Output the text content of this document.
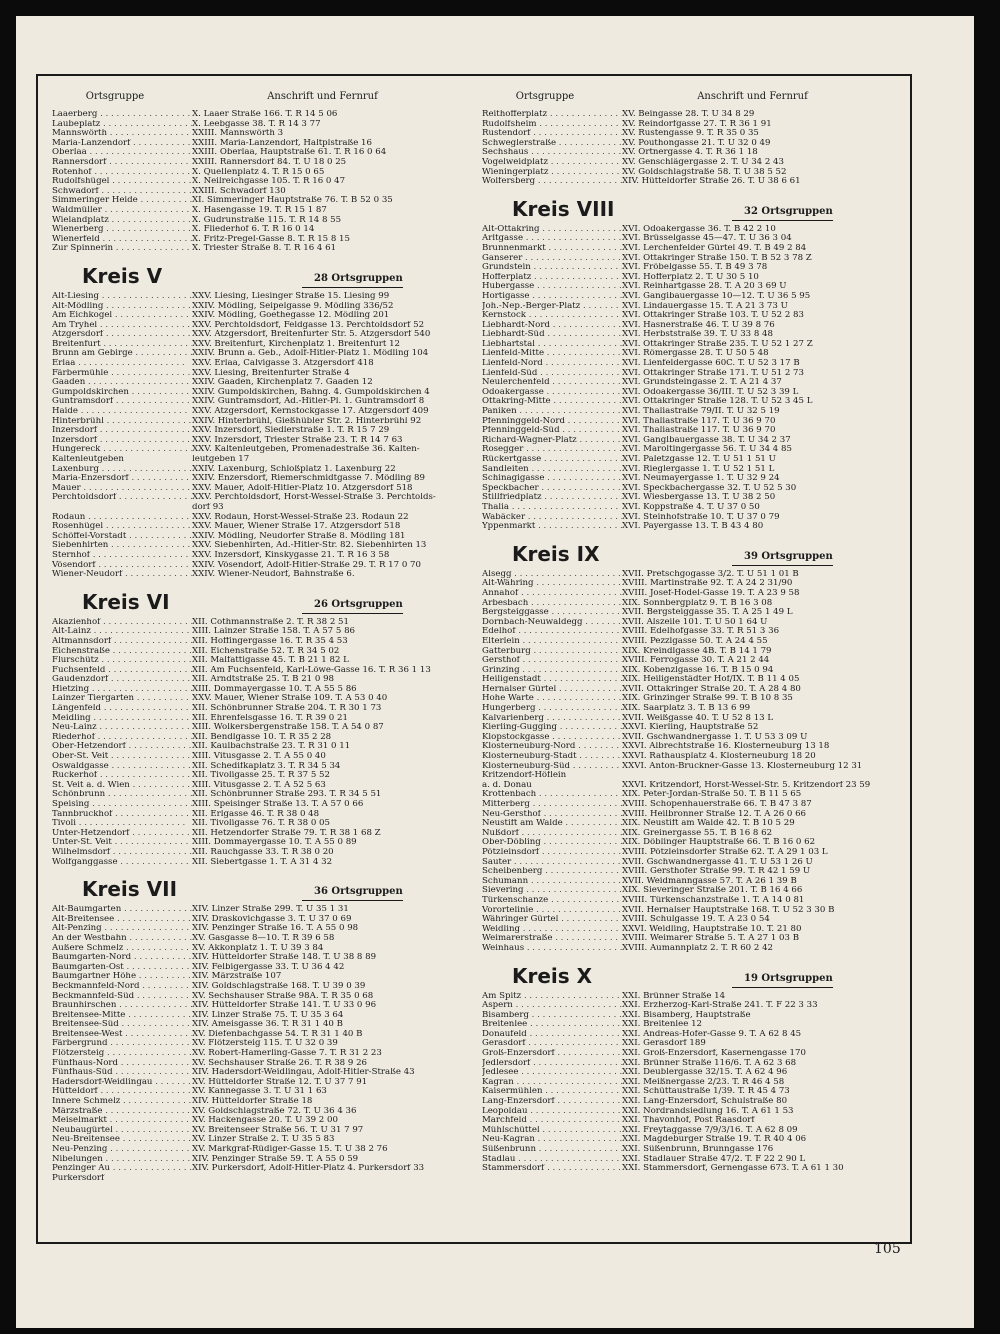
Ortsgruppe	Anschrift und Fernruf
Laaerberg . . .	X. Laaer Straße 166. T. R 14 5 06
Laubeplatz . . .	X. Leebgasse 38. T. R 14 3 77
Mannswörth . . .	XXIII. Mannswörth 3
Maria-Lanzendorf . . .	XXIII. Maria-Lanzendorf, Haltplstraße 16
Oberlaa . . .	XXIII. Oberlaa, Hauptstraße 61. T. R 16 0 64
Rannersdorf . . .	XXIII. Rannersdorf 84. T. U 18 0 25
Rotenhof . . .	X. Quellenplatz 4. T. R 15 0 65
Rudolfshügel . . .	X. Neilreichgasse 105. T. R 16 0 47
Schwadorf . . .	XXIII. Schwadorf 130
Simmeringer Heide . . .	XI. Simmeringer Hauptstraße 76. T. B 52 0 35
Waldmüller . . .	X. Hasengasse 19. T. R 15 1 87
Wielandplatz . . .	X. Gudrunstraße 115. T. R 14 8 55
Wienerberg . . .	X. Fliederhof 6. T. R 16 0 14
Wienerfeld . . .	X. Fritz-Pregel-Gasse 8. T. R 15 8 15
Zur Spinnerin . . .	X. Triester Straße 8. T. R 16 4 61
Kreis V	28 Ortsgruppen
Alt-Liesing . . .	XXV. Liesing, Liesinger Straße 15. Liesing 99
Alt-Mödling . . .	XXIV. Mödling, Seipelgasse 9. Mödling 336/52
Am Eichkogel . . .	XXIV. Mödling, Goethegasse 12. Mödling 201
Am Tryhel . . .	XXV. Perchtoldsdorf, Feldgasse 13. Perchtoldsdorf 52
Atzgersdorf . . .	XXV. Atzgersdorf, Breitenfurter Str. 5. Atzgersdorf 540
Breitenfurt . . .	XXV. Breitenfurt, Kirchenplatz 1. Breitenfurt 12
Brunn am Gebirge . . .	XXIV. Brunn a. Geb., Adolf-Hitler-Platz 1. Mödling 104
Erlaa . . .	XXV. Erlaa, Calvigasse 3. Atzgersdorf 418
Färbermühle . . .	XXV. Liesing, Breitenfurter Straße 4
Gaaden . . .	XXIV. Gaaden, Kirchenplatz 7. Gaaden 12
Gumpoldskirchen . . .	XXIV. Gumpoldskirchen, Bahng. 4. Gumpoldskirchen 4
Guntramsdorf . . .	XXIV. Guntramsdorf, Ad.-Hitler-Pl. 1. Guntramsdorf 8
Haide . . .	XXV. Atzgersdorf, Kernstockgasse 17. Atzgersdorf 409
Hinterbrühl . . .	XXIV. Hinterbrühl, Gießhübler Str. 2. Hinterbrühl 92
Inzersdorf . . .	XXV. Inzersdorf, Siedlerstraße 1. T. R 15 7 29
Inzersdorf . . .	XXV. Inzersdorf, Triester Straße 23. T. R 14 7 63
Hungereck . . .	XXV. Kaltenleutgeben, Promenadestraße 36. Kalten-
Kaltenleutgeben	leutgeben 17
Laxenburg . . .	XXIV. Laxenburg, Schloßplatz 1. Laxenburg 22
Maria-Enzersdorf . . .	XXIV. Enzersdorf, Riemerschmidtgasse 7. Mödling 89
Mauer . . .	XXV. Mauer, Adolf-Hitler-Platz 10. Atzgersdorf 518
Perchtoldsdorf . . .	XXV. Perchtoldsdorf, Horst-Wessel-Straße 3. Perchtolds-
dorf 93
Rodaun . . .	XXV. Rodaun, Horst-Wessel-Straße 23. Rodaun 22
Rosenhügel . . .	XXV. Mauer, Wiener Straße 17. Atzgersdorf 518
Schöffel-Vorstadt . . .	XXIV. Mödling, Neudorfer Straße 8. Mödling 181
Siebenhirten . . .	XXV. Siebenhirten, Ad.-Hitler-Str. 82. Siebenhirten 13
Sternhof . . .	XXV. Inzersdorf, Kinskygasse 21. T. R 16 3 58
Vösendorf . . .	XXIV. Vösendorf, Adolf-Hitler-Straße 29. T. R 17 0 70
Wiener-Neudorf . . .	XXIV. Wiener-Neudorf, Bahnstraße 6.
Kreis VI	26 Ortsgruppen
Akazienhof . . .	XII. Cothmannstraße 2. T. R 38 2 51
Alt-Lainz . . .	XIII. Lainzer Straße 158. T. A 57 5 86
Altmannsdorf . . .	XII. Hoffingergasse 16. T. R 35 4 53
Eichenstraße . . .	XII. Eichenstraße 52. T. R 34 5 02
Flurschütz . . .	XII. Malfattigasse 45. T. B 21 1 82 L
Fuchsenfeld . . .	XII. Am Fuchsenfeld, Karl-Löwe-Gasse 16. T. R 36 1 13
Gaudenzdorf . . .	XII. Arndtstraße 25. T. B 21 0 98
Hietzing . . .	XIII. Dommayergasse 10. T. A 55 5 86
Lainzer Tiergarten . . .	XXV. Mauer, Wiener Straße 109. T. A 53 0 40
Längenfeld . . .	XII. Schönbrunner Straße 204. T. R 30 1 73
Meidling . . .	XII. Ehrenfelsgasse 16. T. R 39 0 21
Neu-Lainz . . .	XIII. Wolkersbergenstraße 158. T. A 54 0 87
Riederhof . . .	XII. Bendlgasse 10. T. R 35 2 28
Ober-Hetzendorf . . .	XII. Kaulbachstraße 23. T. R 31 0 11
Ober-St. Veit . . .	XIII. Vitusgasse 2. T. A 55 0 40
Oswaldgasse . . .	XII. Schedifkaplatz 3. T. R 34 5 34
Ruckerhof . . .	XII. Tivoligasse 25. T. R 37 5 52
St. Veit a. d. Wien . . .	XIII. Vitusgasse 2. T. A 52 5 63
Schönbrunn . . .	XII. Schönbrunner Straße 293. T. R 34 5 51
Speising . . .	XIII. Speisinger Straße 13. T. A 57 0 66
Tannbruckhof . . .	XII. Erlgasse 46. T. R 38 0 48
Tivoli . . .	XII. Tivoligasse 76. T. R 38 0 05
Unter-Hetzendorf . . .	XII. Hetzendorfer Straße 79. T. R 38 1 68 Z
Unter-St. Veit . . .	XIII. Dommayergasse 10. T. A 55 0 89
Wilhelmsdorf . . .	XII. Rauchgasse 33. T. R 38 0 20
Wolfganggasse . . .	XII. Siebertgasse 1. T. A 31 4 32
Kreis VII	36 Ortsgruppen
Alt-Baumgarten . . .	XIV. Linzer Straße 299. T. U 35 1 31
Alt-Breitensee . . .	XIV. Draskovichgasse 3. T. U 37 0 69
Alt-Penzing . . .	XIV. Penzinger Straße 16. T. A 55 0 98
An der Westbahn . . .	XV. Gasgasse 8—10. T. R 39 6 58
Äußere Schmelz . . .	XV. Akkonplatz 1. T. U 39 3 84
Baumgarten-Nord . . .	XIV. Hütteldorfer Straße 148. T. U 38 8 89
Baumgarten-Ost . . .	XIV. Felbigergasse 33. T. U 36 4 42
Baumgartner Höhe . . .	XIV. Märzstraße 107
Beckmannfeld-Nord . . .	XIV. Goldschlagstraße 168. T. U 39 0 39
Beckmannfeld-Süd . . .	XV. Sechshauser Straße 98A. T. R 35 0 68
Braunhirschen . . .	XIV. Hütteldorfer Straße 141. T. U 33 0 96
Breitensee-Mitte . . .	XIV. Linzer Straße 75. T. U 35 3 64
Breitensee-Süd . . .	XIV. Ameisgasse 36. T. R 31 1 40 B
Breitensee-West . . .	XV. Diefenbachgasse 54. T. R 31 1 40 B
Färbergrund . . .	XV. Flötzersteig 115. T. U 32 0 39
Flötzersteig . . .	XV. Robert-Hamerling-Gasse 7. T. R 31 2 23
Fünfhaus-Nord . . .	XV. Sechshauser Straße 26. T. R 38 9 26
Fünfhaus-Süd . . .	XIV. Hadersdorf-Weidlingau, Adolf-Hitler-Straße 43
Hadersdorf-Weidlingau . . .	XV. Hütteldorfer Straße 12. T. U 37 7 91
Hütteldorf . . .	XV. Kannegasse 3. T. U 31 1 63
Innere Schmelz . . .	XIV. Hütteldorfer Straße 18
Märzstraße . . .	XV. Goldschlagstraße 72. T. U 36 4 36
Meiselmarkt . . .	XV. Hackengasse 20. T. U 39 2 00
Neubaugürtel . . .	XV. Breitenseer Straße 56. T. U 31 7 97
Neu-Breitensee . . .	XV. Linzer Straße 2. T. U 35 5 83
Neu-Penzing . . .	XV. Markgraf-Rüdiger-Gasse 15. T. U 38 2 76
Nibelungen . . .	XIV. Penzinger Straße 59. T. A 55 0 59
Penzinger Au . . .	XIV. Purkersdorf, Adolf-Hitler-Platz 4. Purkersdorf 33
Purkersdorf
Ortsgruppe	Anschrift und Fernruf
Reithofferplatz . . .	XV. Beingasse 28. T. U 34 8 29
Rudolfsheim . . .	XV. Reindorfgasse 27. T. R 36 1 91
Rustendorf . . .	XV. Rustengasse 9. T. R 35 0 35
Schweglerstraße . . .	XV. Pouthongasse 21. T. U 32 0 49
Sechshaus . . .	XV. Ortnergasse 4. T. R 36 1 18
Vogelweidplatz . . .	XV. Genschlägergasse 2. T. U 34 2 43
Wieningerplatz . . .	XV. Goldschlagstraße 58. T. U 38 5 52
Wolfersberg . . .	XIV. Hütteldorfer Straße 26. T. U 38 6 61
Kreis VIII	32 Ortsgruppen
Alt-Ottakring . . .	XVI. Odoakergasse 36. T. B 42 2 10
Arltgasse . . .	XVI. Brüsselgasse 45—47. T. U 36 3 04
Brunnenmarkt . . .	XVI. Lerchenfelder Gürtel 49. T. B 49 2 84
Ganserer . . .	XVI. Ottakringer Straße 150. T. B 52 3 78 Z
Grundstein . . .	XVI. Fröbelgasse 55. T. B 49 3 78
Hofferplatz . . .	XVI. Hofferplatz 2. T. U 30 5 10
Hubergasse . . .	XVI. Reinhartgasse 28. T. A 20 3 69 U
Hortigasse . . .	XVI. Gangibauergasse 10—12. T. U 36 5 95
Joh.-Nep.-Berger-Platz . . .	XVI. Lindauergasse 15. T. A 21 3 73 U
Kernstock . . .	XVI. Ottakringer Straße 103. T. U 52 2 83
Liebhardt-Nord . . .	XVI. Hasnerstraße 46. T. U 39 8 76
Liebhardt-Süd . . .	XVI. Herbststraße 39. T. U 33 8 48
Liebhartstal . . .	XVI. Ottakringer Straße 235. T. U 52 1 27 Z
Lienfeld-Mitte . . .	XVI. Römergasse 28. T. U 50 5 48
Lienfeld-Nord . . .	XVI. Lienfeldergasse 60C. T. U 52 3 17 B
Lienfeld-Süd . . .	XVI. Ottakringer Straße 171. T. U 51 2 73
Neulerchenfeld . . .	XVI. Grundsteingasse 2. T. A 21 4 37
Odoakergasse . . .	XVI. Odoakergasse 36/III. T. U 52 3 39 L
Ottakring-Mitte . . .	XVI. Ottakringer Straße 128. T. U 52 3 45 L
Paniken . . .	XVI. Thaliastraße 79/II. T. U 32 5 19
Pfenninggeld-Nord . . .	XVI. Thaliastraße 117. T. U 36 9 70
Pfenninggeld-Süd . . .	XVI. Thaliastraße 117. T. U 36 9 70
Richard-Wagner-Platz . . .	XVI. Ganglbauergasse 38. T. U 34 2 37
Rosegger . . .	XVI. Maroltingergasse 56. T. U 34 4 85
Rückertgasse . . .	XVI. Paletzgasse 12. T. U 51 1 51 U
Sandleiten . . .	XVI. Rieglergasse 1. T. U 52 1 51 L
Schinagigasse . . .	XVI. Neumayergasse 1. T. U 32 9 24
Speckbacher . . .	XVI. Speckbachergasse 32. T. U 52 5 30
Stillfriedplatz . . .	XVI. Wiesbergasse 13. T. U 38 2 50
Thalia . . .	XVI. Koppstraße 4. T. U 37 0 50
Wabäcker . . .	XVI. Steinhofstraße 10. T. U 37 0 79
Yppenmarkt . . .	XVI. Payergasse 13. T. B 43 4 80
Kreis IX	39 Ortsgruppen
Alsegg . . .	XVII. Pretschgogasse 3/2. T. U 51 1 01 B
Alt-Währing . . .	XVIII. Martinstraße 92. T. A 24 2 31/90
Annahof . . .	XVIII. Josef-Hodel-Gasse 19. T. A 23 9 58
Arbesbach . . .	XIX. Sonnbergplatz 9. T. B 16 3 08
Bergsteiggasse . . .	XVII. Bergsteiggasse 35. T. A 25 1 49 L
Dornbach-Neuwaldegg . . .	XVII. Alszeile 101. T. U 50 1 64 U
Edelhof . . .	XVIII. Edelhofgasse 33. T. R 51 3 36
Elterlein . . .	XVIII. Pezzlgasse 50. T. A 24 4 55
Gatterburg . . .	XIX. Kreindlgasse 4B. T. B 14 1 79
Gersthof . . .	XVIII. Ferrogasse 30. T. A 21 2 44
Grinzing . . .	XIX. Kobenzlgasse 16. T. B 15 0 94
Heiligenstadt . . .	XIX. Heiligenstädter Hof/IX. T. B 11 4 05
Hernalser Gürtel . . .	XVII. Ottakringer Straße 20. T. A 28 4 80
Hohe Warte . . .	XIX. Grinzinger Straße 99. T. B 10 8 35
Hungerberg . . .	XIX. Saarplatz 3. T. B 13 6 99
Kalvarienberg . . .	XVII. Weißgasse 40. T. U 52 8 13 L
Kierling-Gugging . . .	XXVI. Kierling, Hauptstraße 52
Klopstockgasse . . .	XVII. Gschwandnergasse 1. T. U 53 3 09 U
Klosterneuburg-Nord . . .	XXVI. Albrechtstraße 16. Klosterneuburg 13 18
Klosterneuburg-Stadt . . .	XXVI. Rathausplatz 4. Klosterneuburg 18 20
Klosterneuburg-Süd . . .	XXVI. Anton-Bruckner-Gasse 13. Klosterneuburg 12 31
Kritzendorf-Höflein
a. d. Donau	XXVI. Kritzendorf, Horst-Wessel-Str. 5. Kritzendorf 23 59
Krottenbach . . .	XIX. Peter-Jordan-Straße 50. T. B 11 5 65
Mitterberg . . .	XVIII. Schopenhauerstraße 66. T. B 47 3 87
Neu-Gersthof . . .	XVIII. Heilbronner Straße 12. T. A 26 0 66
Neustift am Walde . . .	XIX. Neustift am Walde 42. T. B 10 5 29
Nußdorf . . .	XIX. Greinergasse 55. T. B 16 8 62
Ober-Döbling . . .	XIX. Döblinger Hauptstraße 66. T. B 16 0 62
Pötzleinsdorf . . .	XVIII. Pötzleinsdorfer Straße 62. T. A 29 1 03 L
Sauter . . .	XVII. Gschwandnergasse 41. T. U 53 1 26 U
Scheibenberg . . .	XVIII. Gersthofer Straße 99. T. R 42 1 59 U
Schumann . . .	XVII. Weidmanngasse 57. T. A 26 1 39 B
Sievering . . .	XIX. Sieveringer Straße 201. T. B 16 4 66
Türkenschanze . . .	XVIII. Türkenschanzstraße 1. T. A 14 0 81
Vorortelinie . . .	XVII. Hernalser Hauptstraße 168. T. U 52 3 30 B
Währinger Gürtel . . .	XVIII. Schulgasse 19. T. A 23 0 54
Weidling . . .	XXVI. Weidling, Hauptstraße 10. T. 21 80
Weimarerstraße . . .	XVIII. Weimarer Straße 5. T. A 27 1 03 B
Weinhaus . . .	XVIII. Aumannplatz 2. T. R 60 2 42
Kreis X	19 Ortsgruppen
Am Spitz . . .	XXI. Brünner Straße 14
Aspern . . .	XXI. Erzherzog-Karl-Straße 241. T. F 22 3 33
Bisamberg . . .	XXI. Bisamberg, Hauptstraße
Breitenlee . . .	XXI. Breitenlee 12
Donaufeld . . .	XXI. Andreas-Hofer-Gasse 9. T. A 62 8 45
Gerasdorf . . .	XXI. Gerasdorf 189
Groß-Enzersdorf . . .	XXI. Groß-Enzersdorf, Kasernengasse 170
Jedlersdorf . . .	XXI. Brünner Straße 116/6. T. A 62 3 68
Jedlesee . . .	XXI. Deublergasse 32/15. T. A 62 4 96
Kagran . . .	XXI. Meißnergasse 2/23. T. R 46 4 58
Kaisermühlen . . .	XXI. Schüttaustraße 1/39. T. R 45 4 73
Lang-Enzersdorf . . .	XXI. Lang-Enzersdorf, Schulstraße 80
Leopoldau . . .	XXI. Nordrandsiedlung 16. T. A 61 1 53
Marchfeld . . .	XXI. Thavonhof, Post Raasdorf
Mühlschüttel . . .	XXI. Freytaggasse 7/9/3/16. T. A 62 8 09
Neu-Kagran . . .	XXI. Magdeburger Straße 19. T. R 40 4 06
Süßenbrunn . . .	XXI. Süßenbrunn, Brunngasse 176
Stadlau . . .	XXI. Stadlauer Straße 47/2. T. F 22 2 90 L
Stammersdorf . . .	XXI. Stammersdorf, Gernengasse 673. T. A 61 1 30
105
